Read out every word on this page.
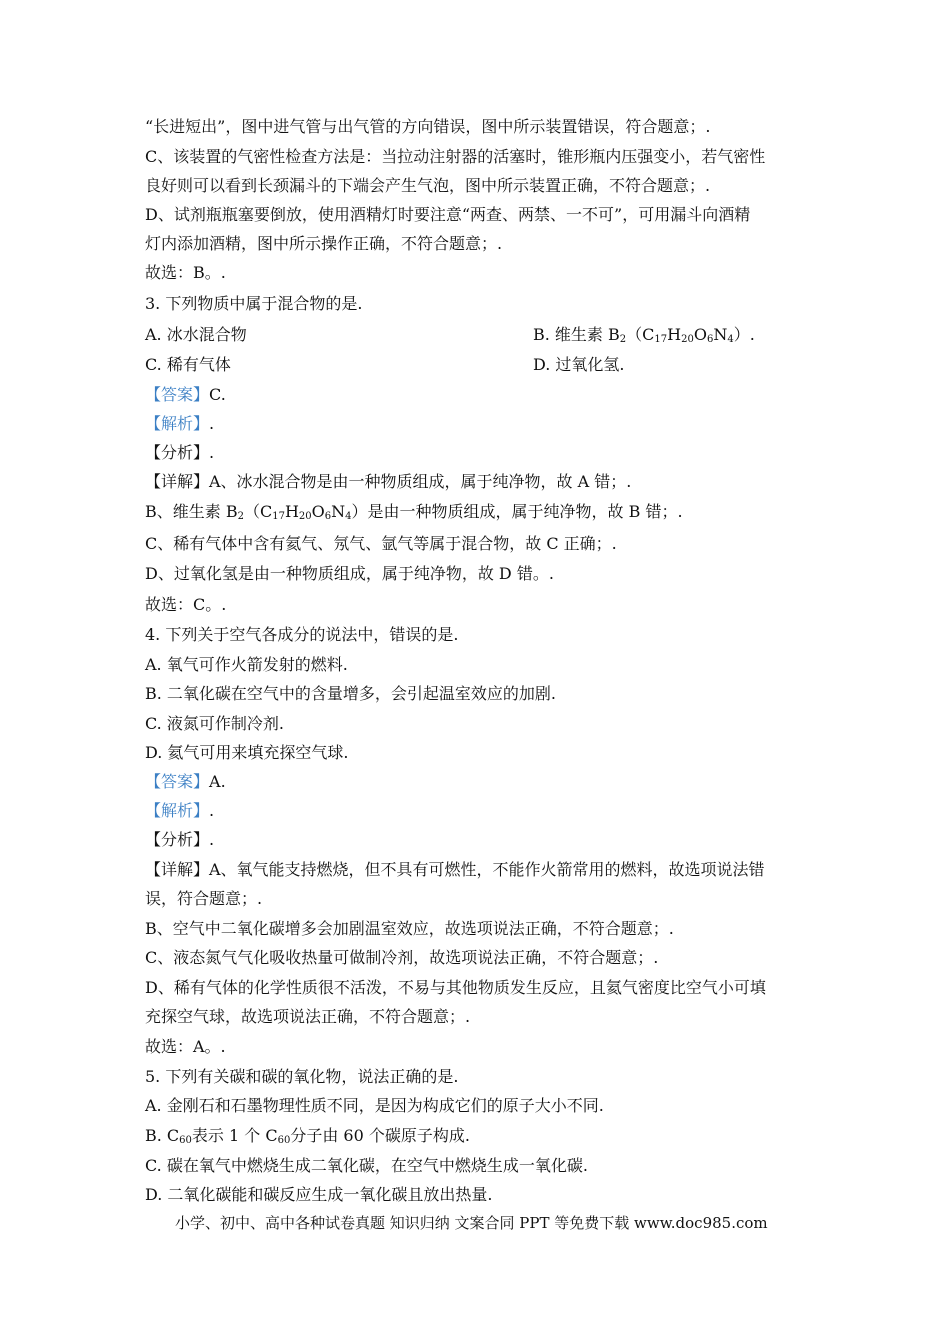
“长进短出”，图中进气管与出气管的方向错误，图中所示装置错误，符合题意；.
C、该装置的气密性检查方法是：当拉动注射器的活塞时，锥形瓶内压强变小，若气密性
良好则可以看到长颈漏斗的下端会产生气泡，图中所示装置正确，不符合题意；.
D、试剂瓶瓶塞要倒放，使用酒精灯时要注意“两查、两禁、一不可”，可用漏斗向酒精
灯内添加酒精，图中所示操作正确，不符合题意；.
故选：B。.
3. 下列物质中属于混合物的是.
A. 冰水混合物	B. 维生素 $B_2(C_{17}H_{20}O_6N_4)$.
C. 稀有气体	D. 过氧化氢.
【答案】C.
【解析】.
【分析】.
【详解】A、冰水混合物是由一种物质组成，属于纯净物，故 A 错；.
B、维生素 $B_2(C_{17}H_{20}O_6N_4)$是由一种物质组成，属于纯净物，故 B 错；.
C、稀有气体中含有氦气、氖气、氩气等属于混合物，故 C 正确；.
D、过氧化氢是由一种物质组成，属于纯净物，故 D 错。.
故选：C。.
4. 下列关于空气各成分的说法中，错误的是.
A. 氧气可作火箭发射的燃料.
B. 二氧化碳在空气中的含量增多，会引起温室效应的加剧.
C. 液氮可作制冷剂.
D. 氦气可用来填充探空气球.
【答案】A.
【解析】.
【分析】.
【详解】A、氧气能支持燃烧，但不具有可燃性，不能作火箭常用的燃料，故选项说法错
误，符合题意；.
B、空气中二氧化碳增多会加剧温室效应，故选项说法正确，不符合题意；.
C、液态氮气气化吸收热量可做制冷剂，故选项说法正确，不符合题意；.
D、稀有气体的化学性质很不活泼，不易与其他物质发生反应，且氦气密度比空气小可填
充探空气球，故选项说法正确，不符合题意；.
故选：A。.
5. 下列有关碳和碳的氧化物，说法正确的是.
A. 金刚石和石墨物理性质不同，是因为构成它们的原子大小不同.
B. $C_{60}$表示 1 个 $C_{60}$分子由 60 个碳原子构成.
C. 碳在氧气中燃烧生成二氧化碳，在空气中燃烧生成一氧化碳.
D. 二氧化碳能和碳反应生成一氧化碳且放出热量.
小学、初中、高中各种试卷真题 知识归纳 文案合同 PPT 等免费下载 www.doc985.com
